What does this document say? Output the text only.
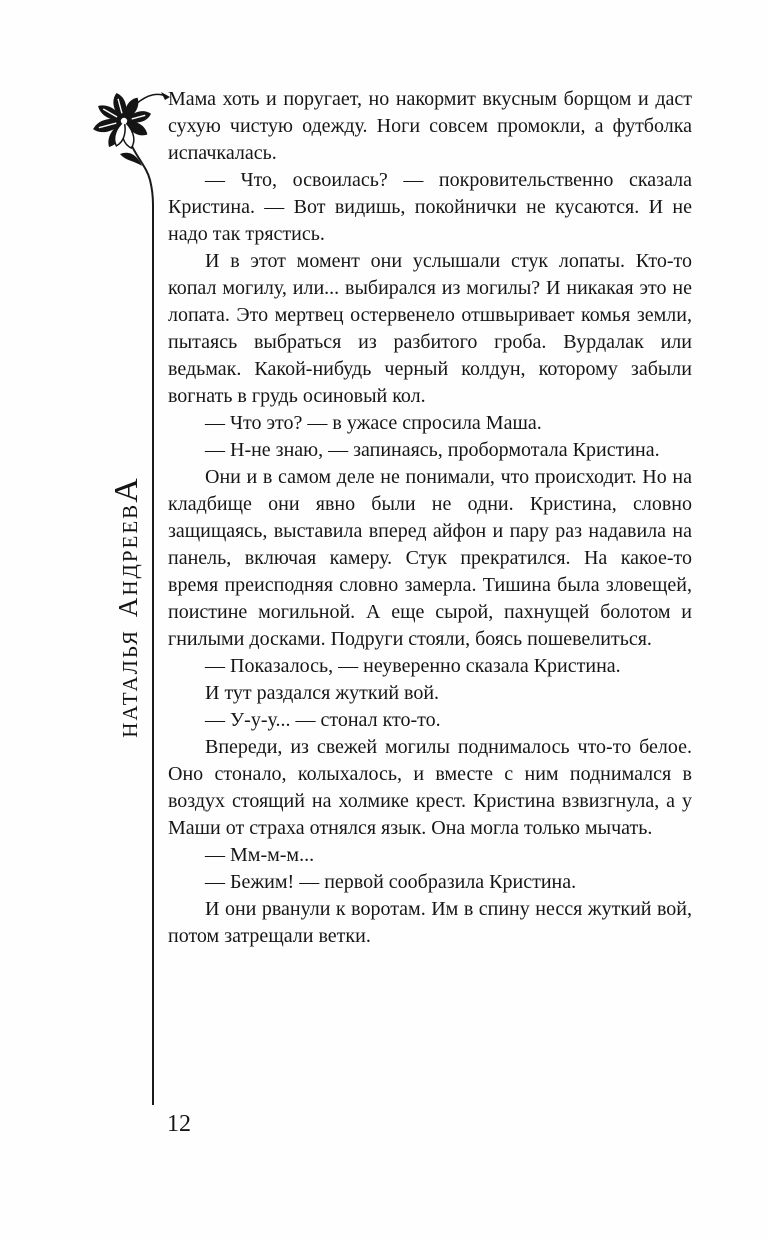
НАТАЛЬЯАНДРЕЕВА

Мама хоть и поругает, но накормит вкусным борщом и даст сухую чистую одежду. Ноги совсем промокли, а футболка испачкалась.

— Что, освоилась? — покровительственно сказала Кристина. — Вот видишь, покойнички не кусаются. И не надо так трястись.

И в этот момент они услышали стук лопаты. Кто-то копал могилу, или... выбирался из могилы? И никакая это не лопата. Это мертвец остервенело отшвыривает комья земли, пытаясь выбраться из разбитого гроба. Вурдалак или ведьмак. Какой-нибудь черный колдун, которому забыли вогнать в грудь осиновый кол.

— Что это? — в ужасе спросила Маша.

— Н-не знаю, — запинаясь, пробормотала Кристина.

Они и в самом деле не понимали, что происходит. Но на кладбище они явно были не одни. Кристина, словно защищаясь, выставила вперед айфон и пару раз надавила на панель, включая камеру. Стук прекратился. На какое-то время преисподняя словно замерла. Тишина была зловещей, поистине могильной. А еще сырой, пахнущей болотом и гнилыми досками. Подруги стояли, боясь пошевелиться.

— Показалось, — неуверенно сказала Кристина.

И тут раздался жуткий вой.

— У-у-у... — стонал кто-то.

Впереди, из свежей могилы поднималось что-то белое. Оно стонало, колыхалось, и вместе с ним поднимался в воздух стоящий на холмике крест. Кристина взвизгнула, а у Маши от страха отнялся язык. Она могла только мычать.

— Мм-м-м...

— Бежим! — первой сообразила Кристина.

И они рванули к воротам. Им в спину несся жуткий вой, потом затрещали ветки.

12
